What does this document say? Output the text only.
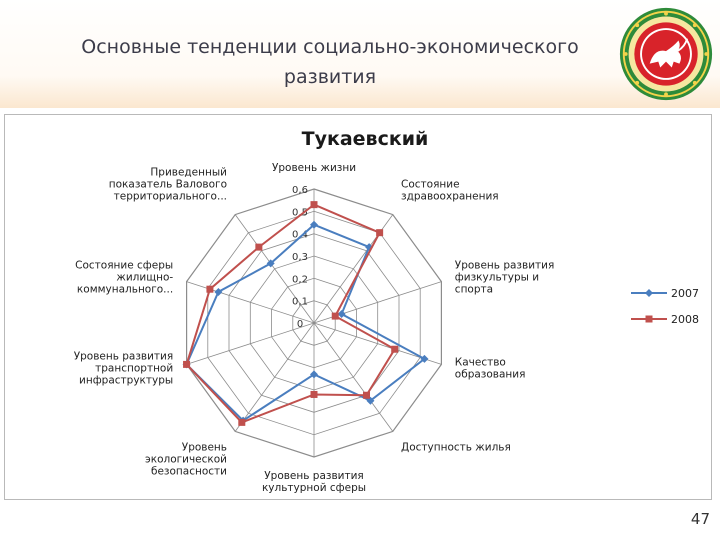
Основные тенденции социально-экономического
развития
Тукаевский
0
0,1
0,2
0,3
0,4
0,5
0,6
Уровень жизни
Состояние здравоохранения
Уровень развития физкультуры и спорта
Качество образования
Доступность жилья
Уровень развития культурной сферы
Уровень экологической безопасности
Уровень развития транспортной инфраструктуры
Состояние сферы жилищно-коммунального...
Приведенный показатель Валового территориального...
2007
2008
47
